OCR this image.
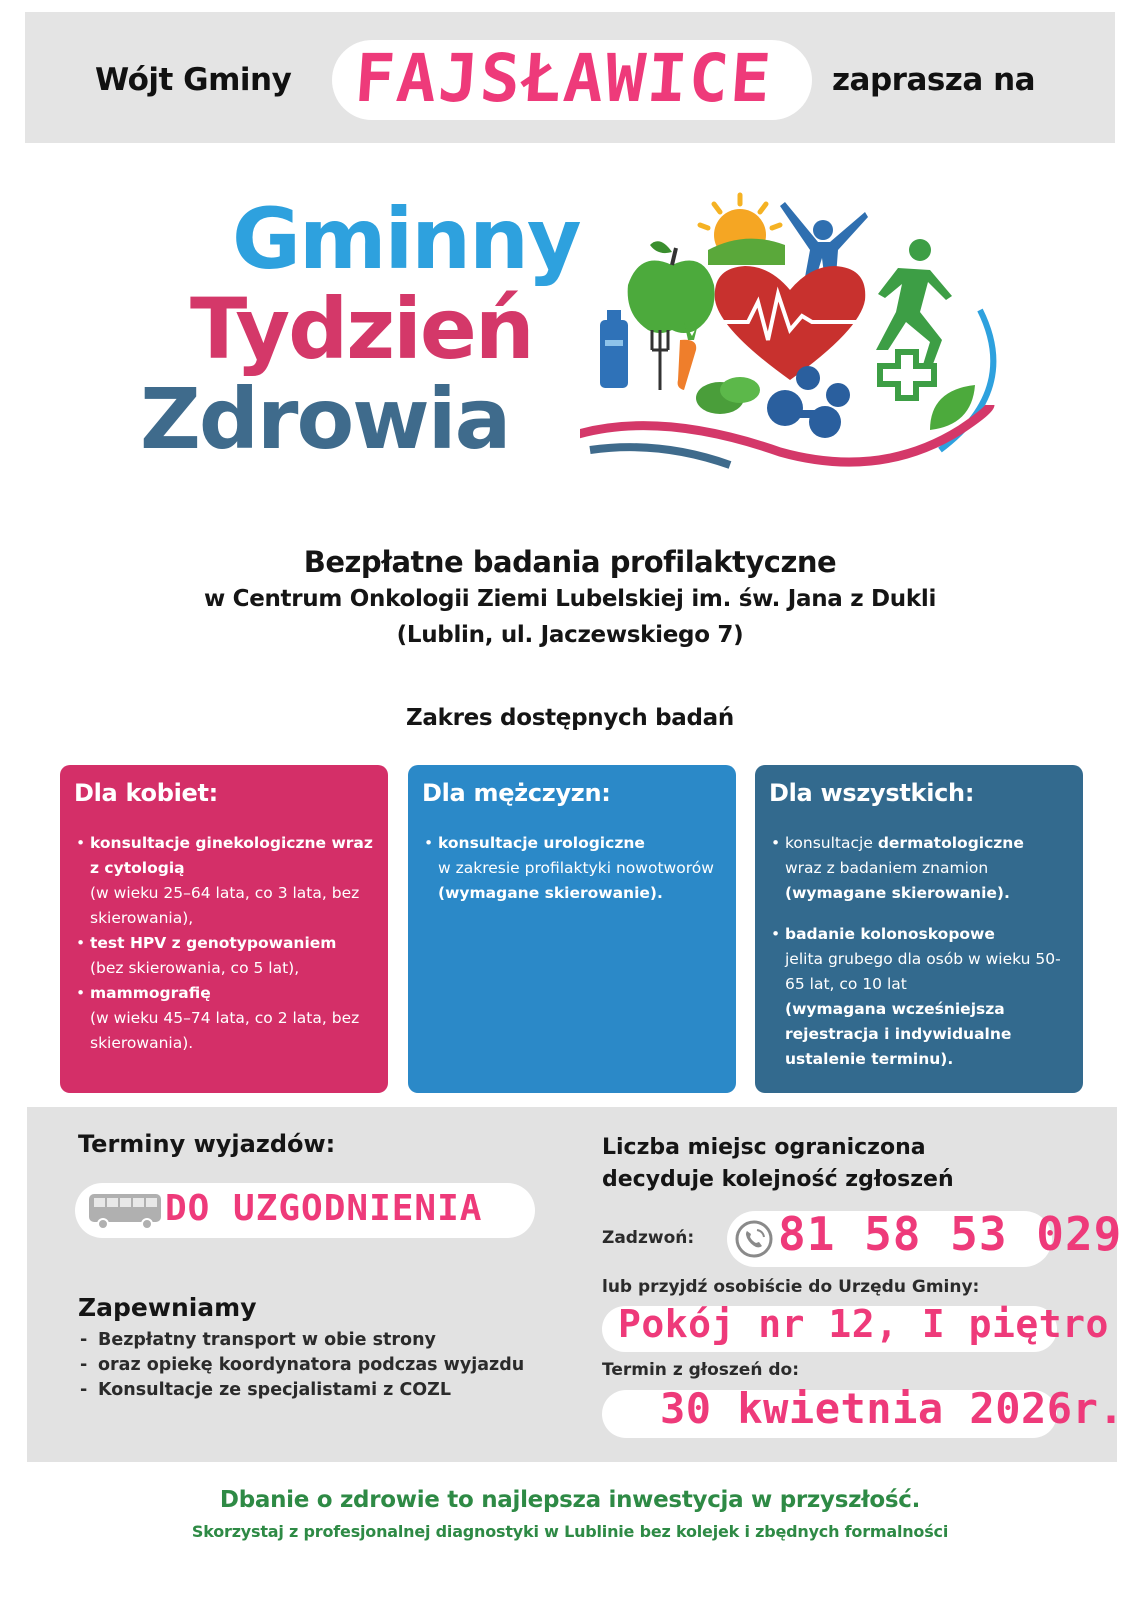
Wójt Gminy FAJSŁAWICE zaprasza na
Gminny
Tydzień
Zdrowia
Bezpłatne badania profilaktyczne
w Centrum Onkologii Ziemi Lubelskiej im. św. Jana z Dukli
(Lublin, ul. Jaczewskiego 7)
Zakres dostępnych badań
Dla kobiet:
• konsultacje ginekologiczne wraz z cytologią
(w wieku 25–64 lata, co 3 lata, bez skierowania),
• test HPV z genotypowaniem
(bez skierowania, co 5 lat),
• mammografię
(w wieku 45–74 lata, co 2 lata, bez skierowania).
Dla mężczyzn:
• konsultacje urologiczne
w zakresie profilaktyki nowotworów
(wymagane skierowanie).
Dla wszystkich:
• konsultacje dermatologiczne
wraz z badaniem znamion
(wymagane skierowanie).
• badanie kolonoskopowe
jelita grubego dla osób w wieku 50-65 lat, co 10 lat
(wymagana wcześniejsza rejestracja i indywidualne ustalenie terminu).
Terminy wyjazdów:
DO UZGODNIENIA
Zapewniamy
- Bezpłatny transport w obie strony
- oraz opiekę koordynatora podczas wyjazdu
- Konsultacje ze specjalistami z COZL
Liczba miejsc ograniczona
decyduje kolejność zgłoszeń
Zadzwoń: 81 58 53 029
lub przyjdź osobiście do Urzędu Gminy:
Pokój nr 12, I piętro
Termin z głoszeń do:
30 kwietnia 2026r.
Dbanie o zdrowie to najlepsza inwestycja w przyszłość.
Skorzystaj z profesjonalnej diagnostyki w Lublinie bez kolejek i zbędnych formalności
